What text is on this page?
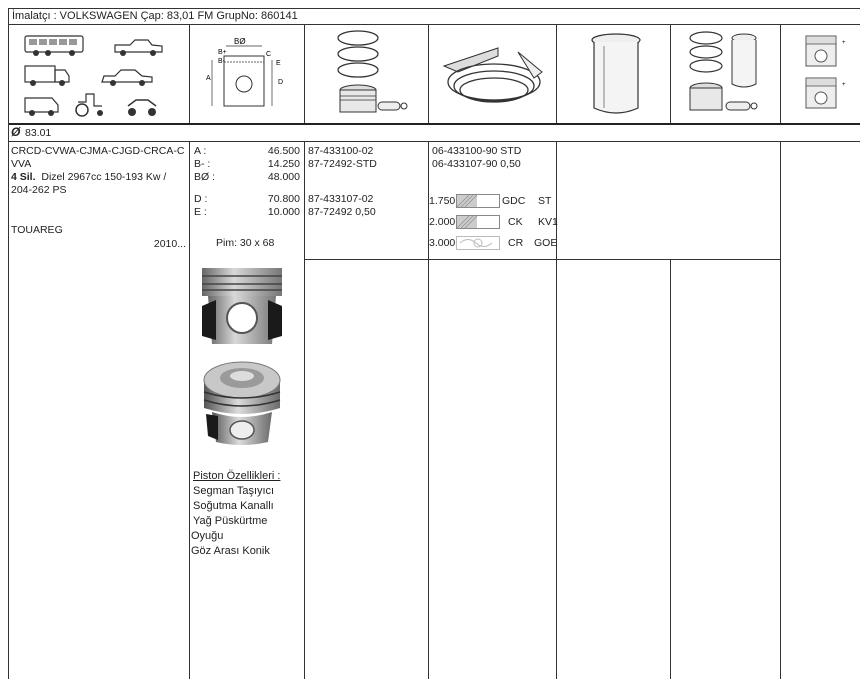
İmalatçı : VOLKSWAGEN Çap: 83,01 FM GrupNo: 860141
BØ
B+
B-
C
E
A
D
+
+
Ø 83.01
CRCD-CVWA-CJMA-CJGD-CRCA-CVVA
4 Sil. Dizel 2967cc 150-193 Kw /
204-262 PS
TOUAREG
2010...
A :	46.500
B- :	14.250
BØ :	48.000
D :	70.800
E :	10.000
Pim: 30 x 68
Piston Özellikleri :
Segman Taşıyıcı
Soğutma Kanallı
Yağ Püskürtme
Oyuğu
Göz Arası Konik
87-433100-02
87-72492-STD
87-433107-02
87-72492 0,50
06-433100-90 STD
06-433107-90 0,50
1.750	GDC ST
2.000	CK KV1
3.000	CR GOE
